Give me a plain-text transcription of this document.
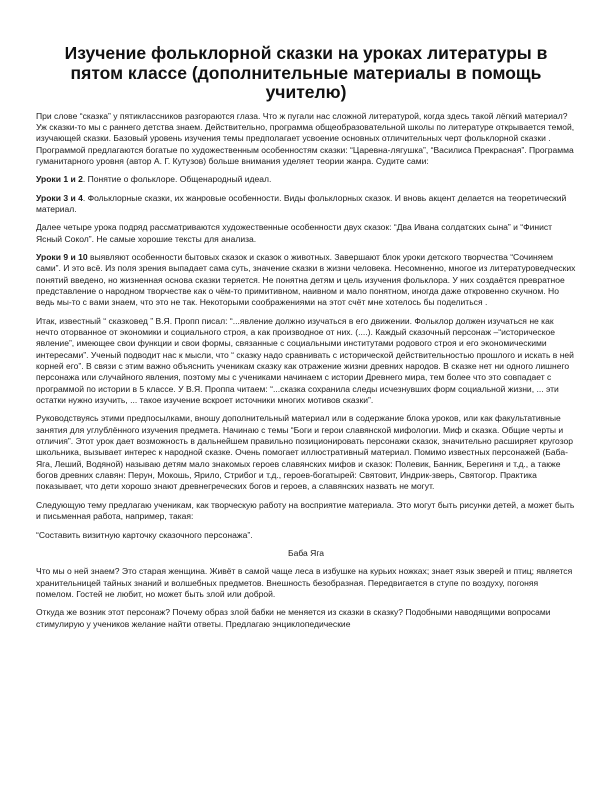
Изучение фольклорной сказки на уроках литературы в пятом классе (дополнительные материалы в помощь учителю)

При слове “сказка” у пятиклассников разгораются глаза. Что ж пугали нас сложной литературой, когда здесь такой лёгкий материал? Уж сказки-то мы с раннего детства знаем. Действительно, программа общеобразовательной школы по литературе открывается темой, изучающей сказки. Базовый уровень изучения темы предполагает усвоение основных отличительных черт фольклорной сказки . Программой предлагаются богатые по художественным особенностям сказки: “Царевна-лягушка”, “Василиса Прекрасная”. Программа гуманитарного уровня (автор А. Г. Кутузов) больше внимания уделяет теории жанра. Судите сами:

Уроки 1 и 2. Понятие о фольклоре. Общенародный идеал.

Уроки 3 и 4. Фольклорные сказки, их жанровые особенности. Виды фольклорных сказок. И вновь акцент делается на теоретический материал.

Далее четыре урока подряд рассматриваются художественные особенности двух сказок: “Два Ивана солдатских сына” и “Финист Ясный Сокол”. Не самые хорошие тексты для анализа.

Уроки 9 и 10 выявляют особенности бытовых сказок и сказок о животных. Завершают блок уроки детского творчества “Сочиняем сами”. И это всё. Из поля зрения выпадает сама суть, значение сказки в жизни человека. Несомненно, многое из литературоведческих понятий введено, но жизненная основа сказки теряется. Не понятна детям и цель изучения фольклора. У них создаётся превратное представление о народном творчестве как о чём-то примитивном, наивном и мало понятном, иногда даже откровенно скучном. Но ведь мы-то с вами знаем, что это не так. Некоторыми соображениями на этот счёт мне хотелось бы поделиться .

Итак, известный “ сказковед ” В.Я. Пропп писал: “...явление должно изучаться в его движении. Фольклор должен изучаться не как нечто оторванное от экономики и социального строя, а как производное от них. (....). Каждый сказочный персонаж –“историческое явление”, имеющее свои функции и свои формы, связанные с социальными институтами родового строя и его экономическими интересами”. Ученый подводит нас к мысли, что “ сказку надо сравнивать с исторической действительностью прошлого и искать в ней корней его”. В связи с этим важно объяснить ученикам сказку как отражение жизни древних народов. В сказке нет ни одного лишнего персонажа или случайного явления, поэтому мы с учениками начинаем с истории Древнего мира, тем более что это совпадает с программой по истории в 5 классе. У В.Я. Проппа читаем: “...сказка сохранила следы исчезнувших форм социальной жизни, ... эти остатки нужно изучить, ... такое изучение вскроет источники многих мотивов сказки”.

Руководствуясь этими предпосылками, вношу дополнительный материал или в содержание блока уроков, или как факультативные занятия для углублённого изучения предмета. Начинаю с темы “Боги и герои славянской мифологии. Миф и сказка. Общие черты и отличия”. Этот урок дает возможность в дальнейшем правильно позиционировать персонажи сказок, значительно расширяет кругозор школьника, вызывает интерес к народной сказке. Очень помогает иллюстративный материал. Помимо известных персонажей (Баба-Яга, Леший, Водяной) называю детям мало знакомых героев славянских мифов и сказок: Полевик, Банник, Берегиня и т.д., а также богов древних славян: Перун, Мокошь, Ярило, Стрибог и т.д., героев-богатырей: Святовит, Индрик-зверь, Святогор. Практика показывает, что дети хорошо знают древнегреческих богов и героев, а славянских назвать не могут.

Следующую тему предлагаю ученикам, как творческую работу на восприятие материала. Это могут быть рисунки детей, а может быть и письменная работа, например, такая:

“Составить визитную карточку сказочного персонажа”.

Баба Яга

Что мы о ней знаем? Это старая женщина. Живёт в самой чаще леса в избушке на курьих ножках; знает язык зверей и птиц; является хранительницей тайных знаний и волшебных предметов. Внешность безобразная. Передвигается в ступе по воздуху, погоняя помелом. Гостей не любит, но может быть злой или доброй.

Откуда же возник этот персонаж? Почему образ злой бабки не меняется из сказки в сказку? Подобными наводящими вопросами стимулирую у учеников желание найти ответы. Предлагаю энциклопедические
